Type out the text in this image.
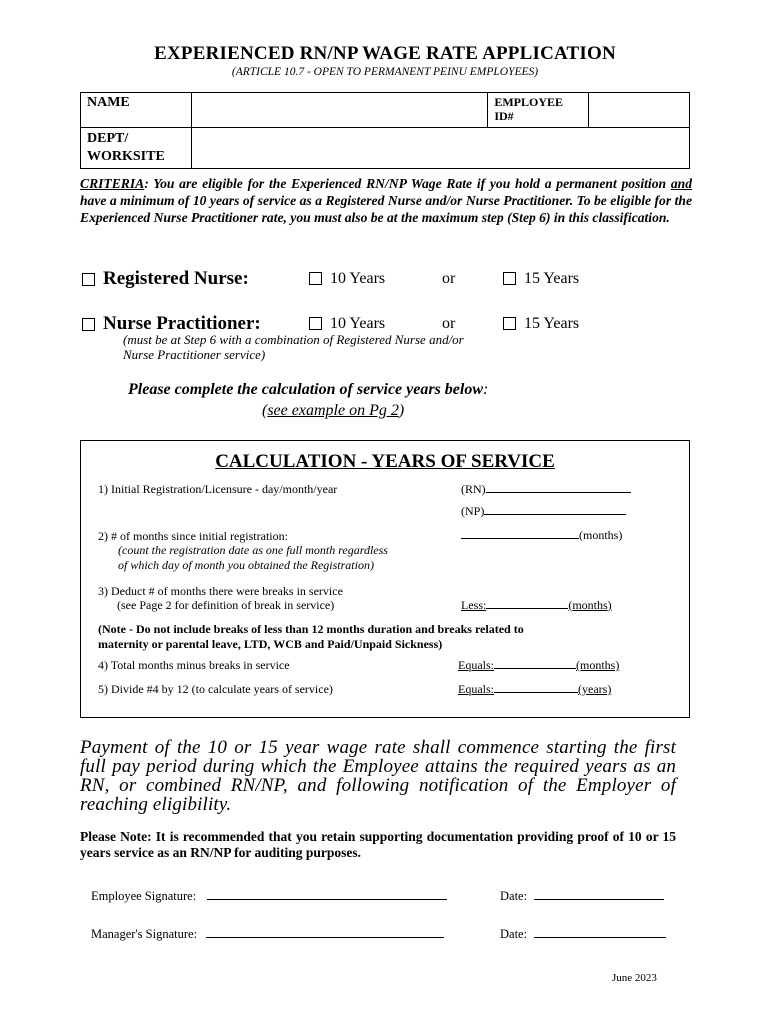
EXPERIENCED RN/NP WAGE RATE APPLICATION
(ARTICLE 10.7 - OPEN TO PERMANENT PEINU EMPLOYEES)
NAME		EMPLOYEE
ID#	
DEPT/
WORKSITE			
CRITERIA: You are eligible for the Experienced RN/NP Wage Rate if you hold a permanent position and have a minimum of 10 years of service as a Registered Nurse and/or Nurse Practitioner. To be eligible for the Experienced Nurse Practitioner rate, you must also be at the maximum step (Step 6) in this classification.
Registered Nurse:	10 Years	or	15 Years
Nurse Practitioner:	10 Years	or	15 Years
(must be at Step 6 with a combination of Registered Nurse and/or
Nurse Practitioner service)
Please complete the calculation of service years below:
(see example on Pg 2)
CALCULATION - YEARS OF SERVICE
1) Initial Registration/Licensure - day/month/year	(RN)
(NP)
2) # of months since initial registration:
(count the registration date as one full month regardless
of which day of month you obtained the Registration)
(months)
3) Deduct # of months there were breaks in service
(see Page 2 for definition of break in service)	Less:	(months)
(Note - Do not include breaks of less than 12 months duration and breaks related to
maternity or parental leave, LTD, WCB and Paid/Unpaid Sickness)
4) Total months minus breaks in service	Equals:	(months)
5) Divide #4 by 12 (to calculate years of service)	Equals:	(years)
Payment of the 10 or 15 year wage rate shall commence starting the first full pay period during which the Employee attains the required years as an RN, or combined RN/NP, and following notification of the Employer of reaching eligibility.
Please Note: It is recommended that you retain supporting documentation providing proof of 10 or 15 years service as an RN/NP for auditing purposes.
Employee Signature:	Date:
Manager's Signature:	Date:
June 2023
